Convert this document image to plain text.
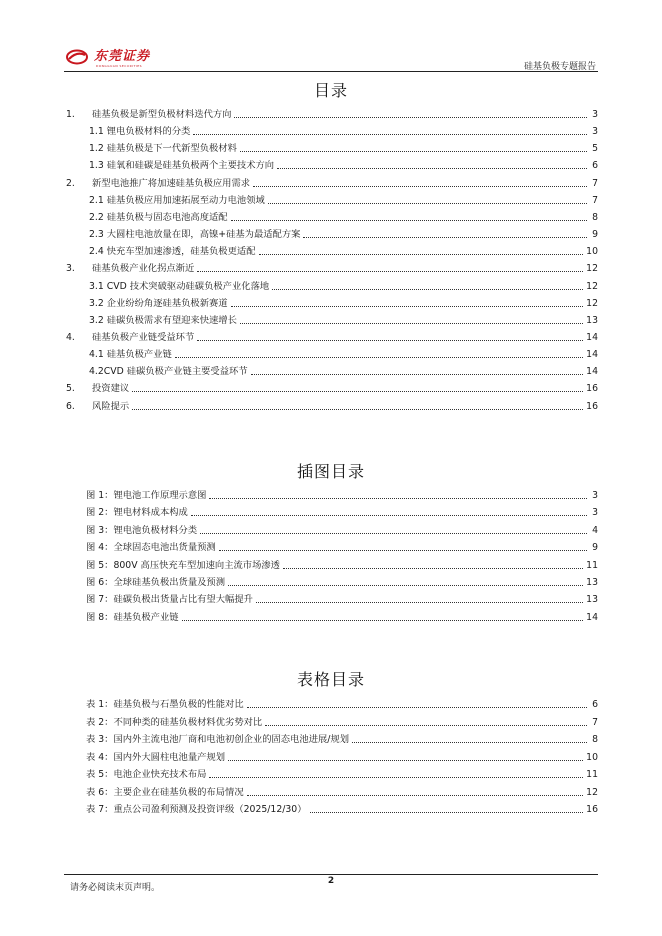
东莞证券
DONGGUAN SECURITIES	硅基负极专题报告
目录
1.	硅基负极是新型负极材料迭代方向	3
1.1 锂电负极材料的分类	3
1.2 硅基负极是下一代新型负极材料	5
1.3 硅氧和硅碳是硅基负极两个主要技术方向	6
2.	新型电池推广将加速硅基负极应用需求	7
2.1 硅基负极应用加速拓展至动力电池领域	7
2.2 硅基负极与固态电池高度适配	8
2.3 大圆柱电池放量在即，高镍+硅基为最适配方案	9
2.4 快充车型加速渗透，硅基负极更适配	10
3.	硅基负极产业化拐点渐近	12
3.1 CVD 技术突破驱动硅碳负极产业化落地	12
3.2 企业纷纷角逐硅基负极新赛道	12
3.2 硅碳负极需求有望迎来快速增长	13
4.	硅基负极产业链受益环节	14
4.1 硅基负极产业链	14
4.2CVD 硅碳负极产业链主要受益环节	14
5.	投资建议	16
6.	风险提示	16
插图目录
图 1：锂电池工作原理示意图	3
图 2：锂电材料成本构成	3
图 3：锂电池负极材料分类	4
图 4：全球固态电池出货量预测	9
图 5：800V 高压快充车型加速向主流市场渗透	11
图 6：全球硅基负极出货量及预测	13
图 7：硅碳负极出货量占比有望大幅提升	13
图 8：硅基负极产业链	14
表格目录
表 1：硅基负极与石墨负极的性能对比	6
表 2：不同种类的硅基负极材料优劣势对比	7
表 3：国内外主流电池厂商和电池初创企业的固态电池进展/规划	8
表 4：国内外大圆柱电池量产规划	10
表 5：电池企业快充技术布局	11
表 6：主要企业在硅基负极的布局情况	12
表 7：重点公司盈利预测及投资评级（2025/12/30）	16
请务必阅读末页声明。
2
